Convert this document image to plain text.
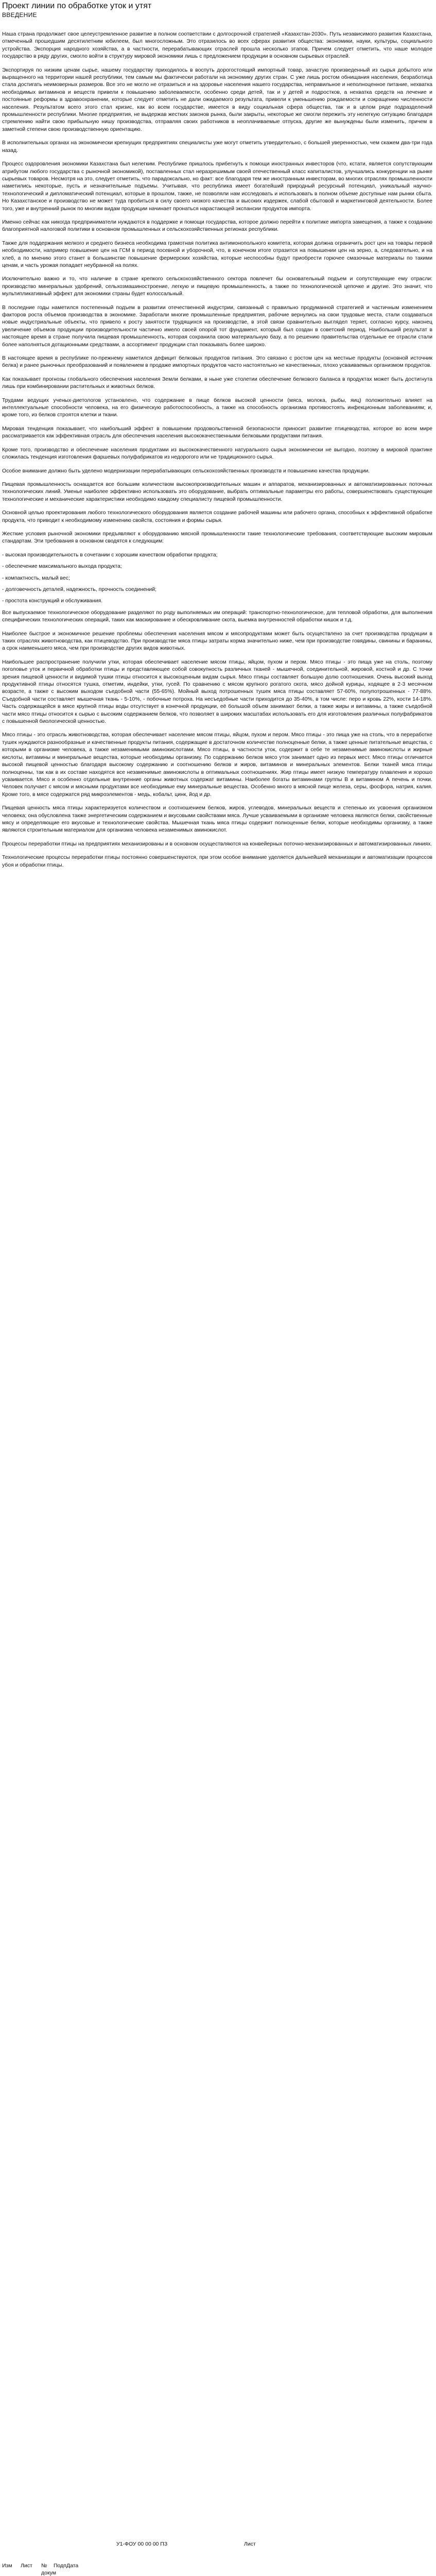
Проект линии по обработке уток и утят
ВВЕДЕНИЕ

Наша страна продолжает свое целеустремленное развитие в полном соответствии с долгосрочной стратегией «Казахстан-2030». Путь независимого развития Казахстана, отмеченный прошедшим десятилетним юбилеем, был многосложным. Это отразилось во всех сферах развития общества: экономики, науки, культуры, социального устройства. Экспорция народного хозяйства, а в частности, перерабатывающих отраслей прошла несколько этапов. Причем следует отметить, что наше молодое государство в ряду других, смогло войти в структуру мировой экономики лишь с предложением продукции в основном сырьевых отраслей.

Экспортируя по низким ценам сырье, нашему государству приходилось в воспуть дорогостоящий импортный товар, зачастую произведенный из сырья добытого или выращенного на территории нашей республики, тем самым мы фактически работали на экономику других стран. С уже лишь ростом обнищания населения, безработица стала достигать неимоверных размеров. Все это не могло не отразиться и на здоровье населения нашего государства, неправильное и неполноценное питание, нехватка необходимых витаминов и веществ привели к повышению заболеваемости, особенно среди детей, так и у детей и подростков, а нехватка средств на лечение и постоянные реформы в здравоохранении, которые следует отметить не дали ожидаемого результата, привели к уменьшению рождаемости и сокращению численности населения. Результатом всего этого стал кризис, как во всем государстве, имеется в виду социальная сфера общества, так и в целом ряде подразделений промышленности республики. Многие предприятия, не выдержав жестких законов рынка, были закрыты, некоторые же смогли пережить эту нелегкую ситуацию благодаря стремлению найти свою прибыльную нишу производства, отправляя своих работников в неоплачиваемые отпуска, другие же вынуждены были изменить, причем в заметной степени свою производственную ориентацию.

В исполнительных органах на экономически крепнущих предприятиях специалисты уже могут отметить утвердительно, с большей уверенностью, чем скажем два-три года назад.

Процесс оздоровления экономики Казахстана был нелегким. Республике пришлось прибегнуть к помощи иностранных инвесторов (что, кстати, является сопутствующим атрибутом любого государства с рыночной экономикой), поставленных стал неразрешимым своей отечественный класс капиталистов, улучшались конкуренции на рынке сырьевых товаров. Несмотря на это, следует отметить, что парадоксально, но факт: все благодаря тем же иностранным инвесторам, во многих отраслях промышленности наметились некоторые, пусть и незначительные подъемы. Учитывая, что республика имеет богатейший природный ресурсный потенциал, уникальный научно-технологический и дипломатический потенциал, которые в прошлом, также, не позволяли нам исследовать и использовать в полном объеме доступные нам рынки сбыта. Но Казахстанское и производство не может туда пробиться в силу своего низкого качества и высоких издержек, слабой сбытовой и маркетинговой деятельности. Более того, уже и внутренний рынок по многим видам продукции начинает пронаться нарастающей экспансии продуктов импорта.

Именно сейчас как никогда предприниматели нуждаются в поддержке и помощи государства, которое должно перейти к политике импорта замещения, а также к созданию благоприятной налоговой политики в основном промышленных и сельскохозяйственных регионах республики.

Также для поддержания мелкого и среднего бизнеса необходима грамотная политика антимонопольного комитета, которая должна ограничить рост цен на товары первой необходимости, например повышение цен на ГСМ в период посевной и уборочной, что, в конечном итоге отразится на повышении цен на зерно, а, следовательно, и на хлеб, а по мнению этого станет в большинстве повышение фермерских хозяйства, которые неспособны будут приобрести горючее смазочные материалы по такими ценам, и часть урожая попадает неубранной на полях.

Исключительно важно и то, что наличие в стране крепкого сельскохозяйственного сектора повлечет бы основательный подъем и сопутствующие ему отрасли: производство минеральных удобрений, сельхозмашиностроение, легкую и пищевую промышленность, а также по технологической цепочке и другие. Это значит, что мультипликативный эффект для экономики страны будет колоссальный.

В последние годы наметился постепенный подъем в развитии отечественной индустрии, связанный с правильно продуманной стратегией и частичным изменением факторов роста объемов производства в экономике. Заработали многие промышленные предприятия, рабочие вернулись на свои трудовые места, стали создаваться новые индустриальные объекты, что привело к росту занятости трудящихся на производстве, в этой связи сравнительно выглядел теряет, согласно курсу, наконец увеличение объемов продукции производительности частично имело своей опорой тот фундамент, который был создан в советский период. Наибольший результат в настоящее время в стране получила пищевая промышленность, которая сохранила свою материальную базу, а по решению правительства отдельные ее отрасли стали более наполняться дотационными средствами, а ассортимент продукции стал показывать более широко.

В настоящее время в республике по-прежнему наметился дефицит белковых продуктов питания. Это связано с ростом цен на местные продукты (основной источник белка) и ранее рыночных преобразований и появлением в продаже импортных продуктов часто настоятельно не качественных, плохо усваиваемых организмом продуктов.

Как показывает прогнозы глобального обеспечения населения Земли белками, в ныне уже столетии обеспечение белкового баланса в продуктах может быть достигнута лишь при комбинировании растительных и животных белков.

Трудами ведущих ученых-диетологов установлено, что содержание в пище белков высокой ценности (мяса, молока, рыбы, яиц) положительно влияет на интеллектуальные способности человека, на его физическую работоспособность, а также на способность организма противостоять инфекционным заболеваниям; и, кроме того, из белков строятся клетки и ткани.

Мировая тенденция показывает, что наибольший эффект в повышении продовольственной безопасности приносит развитие птицеводства, которое во всем мире рассматривается как эффективная отрасль для обеспечения населения высококачественными белковыми продуктами питания.

Кроме того, производство и обеспечение населения продуктами из высококачественного натурального сырья экономически не выгодно, поэтому в мировой практике сложилась тенденция изготовления фаршевых полуфабрикатов из недорогого или не традиционного сырья.

Особое внимание должно быть уделено модернизации перерабатывающих сельскохозяйственных производств и повышению качества продукции.

Пищевая промышленность оснащается все большим количеством высокопроизводительных машин и аппаратов, механизированных и автоматизированных поточных технологических линий. Уменье наиболее эффективно использовать это оборудование, выбрать оптимальные параметры его работы, совершенствовать существующие технологические и механические характеристики необходимо каждому специалисту пищевой промышленности.

Основной целью проектирования любого технологического оборудования является создание рабочей машины или рабочего органа, способных к эффективной обработке продукта, что приводит к необходимому изменению свойств, состояния и формы сырья.

Жесткие условия рыночной экономики предъявляют к оборудованию мясной промышленности такие технологические требования, соответствующие высоким мировым стандартам. Эти требования в основном сводятся к следующим:

- высокая производительность в сочетании с хорошим качеством обработки продукта;

- обеспечение максимального выхода продукта;

- компактность, малый вес;

- долговечность деталей, надежность, прочность соединений;

- простота конструкций и обслуживания.

Все выпускаемое технологическое оборудование разделяют по роду выполняемых им операций: транспортно-технологическое, для тепловой обработки, для выполнения специфических технологических операций, таких как маскирование и обескровливание скота, выемка внутренностей обработки кишок и т.д.

Наиболее быстрое и экономичное решение проблемы обеспечения населения мясом и мясопродуктами может быть осуществлено за счет производства продукции в таких отраслях животноводства, как птицеводство. При производстве мяса птицы затраты корма значительно ниже, чем при производстве говядины, свинины и баранины, а срок наименьшего мяса, чем при производстве других видов животных.

Наибольшее распространение получили утки, которая обеспечивает население мясом птицы, яйцом, пухом и пером. Мясо птицы - это пища уже на столь, поэтому поголовье уток и первичной обработки птицы и представляющее собой совокупность различных тканей - мышечной, соединительной, жировой, костной и др. С точки зрения пищевой ценности и видимой тушки птицы относится к высокоценным видам сырья. Мясо птицы составляет большую долю соотношения. Очень высокий выход продуктивной птицы относятся тушка, отметим, индейки, утки, гусей. По сравнению с мясом крупного рогатого скота, мясо дойной курицы, ходящее в 2-3 месячном возрасте, а также с высоким выходом съедобной части (55-65%). Мойный выход потрошенных тушек мяса птицы составляет 57-60%, полупотрошенных - 77-88%. Съедобной части составляет мышечная ткань - 5-10%, - побочные потроха. На несъедобные части приходится до 35-40%, в том числе: перо и кровь 22%, кости 14-18%. Часть содержащейся в мясе крупной птицы воды отсутствует в конечной продукции, её большой объем занимают белки, а также жиры и витамины, а также съедобной части мясо птицы относится к сырью с высоким содержанием белков, что позволяет в широких масштабах использовать его для изготовления различных полуфабрикатов с повышенной биологической ценностью.

Мясо птицы - это отрасль животноводства, которая обеспечивает население мясом птицы, яйцом, пухом и пером. Мясо птицы - это пища уже на столь, что в переработке тушек нуждаются разнообразные и качественные продукты питания, содержащие в достаточном количестве полноценные белки, а также ценные питательные вещества, с которыми в организме человека, а также незаменимыми аминокислотами. Мясо птицы, в частности уток, содержит в себе те незаменимые аминокислоты и жирные кислоты, витамины и минеральные вещества, которые необходимы организму. По содержанию белков мясо уток занимает одно из первых мест. Мясо птицы отличается высокой пищевой ценностью благодаря высокому содержанию и соотношению белков и жиров, витаминов и минеральных элементов. Белки тканей мяса птицы полноценны, так как в их составе находятся все незаменимые аминокислоты в оптимальных соотношениях. Жир птицы имеет низкую температуру плавления и хорошо усваивается. Мясо и особенно отдельные внутренние органы животных содержат витамины. Наиболее богаты витаминами группы В и витамином А печень и почки. Человек получает с мясом и мясными продуктами все необходимые ему минеральные вещества. Особенно много в мясной пище железа, серы, фосфора, натрия, калия. Кроме того, в мясе содержатся ряд микроэлементов - медь, кобальт, цинк, йод и др.

Пищевая ценность мяса птицы характеризуется количеством и соотношением белков, жиров, углеводов, минеральных веществ и степенью их усвоения организмом человека; она обусловлена также энергетическим содержанием и вкусовыми свойствами мяса. Лучше усваиваемыми в организме человека являются белки, свойственные мясу и определяющие его вкусовые и технологические свойства. Мышечная ткань мяса птицы содержит полноценные белки, которые необходимы организму, а также являются строительным материалом для организма человека незаменимых аминокислот.

Процессы переработки птицы на предприятиях механизированы и в основном осуществляются на конвейерных поточно-механизированных и автоматизированных линиях.

Технологические процессы переработки птицы постоянно совершенствуются, при этом особое внимание уделяется дальнейшей механизации и автоматизации процессов убоя и обработки птицы.

У1-ФОУ 00 00 00 ПЗ	Лист
Изм Лист № ПодпДата
докум
